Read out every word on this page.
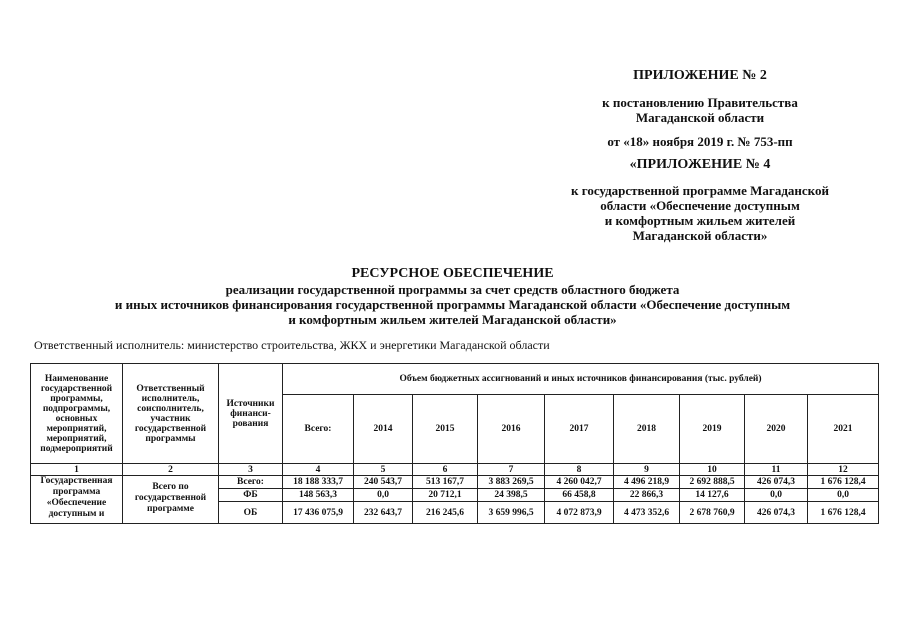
ПРИЛОЖЕНИЕ № 2
к постановлению Правительства
Магаданской области
от «18» ноября 2019 г. № 753-пп
«ПРИЛОЖЕНИЕ № 4
к государственной программе Магаданской
области «Обеспечение доступным
и комфортным жильем жителей
Магаданской области»
РЕСУРСНОЕ ОБЕСПЕЧЕНИЕ
реализации государственной программы за счет средств областного бюджета
и иных источников финансирования государственной программы Магаданской области «Обеспечение доступным
и комфортным жильем жителей Магаданской области»
Ответственный исполнитель: министерство строительства, ЖКХ и энергетики Магаданской области
Наименование государственной программы, подпрограммы, основных мероприятий, мероприятий, подмероприятий	Ответственный исполнитель, соисполнитель, участник государственной программы	Источники финанси-рования	Объем бюджетных ассигнований и иных источников финансирования (тыс. рублей)								
			Всего:	2014	2015	2016	2017	2018	2019	2020	2021
1	2	3	4	5	6	7	8	9	10	11	12
Государственная программа «Обеспечение доступным и	Всего по государственной программе	Всего:	18 188 333,7	240 543,7	513 167,7	3 883 269,5	4 260 042,7	4 496 218,9	2 692 888,5	426 074,3	1 676 128,4
		ФБ	148 563,3	0,0	20 712,1	24 398,5	66 458,8	22 866,3	14 127,6	0,0	0,0
		ОБ	17 436 075,9	232 643,7	216 245,6	3 659 996,5	4 072 873,9	4 473 352,6	2 678 760,9	426 074,3	1 676 128,4
